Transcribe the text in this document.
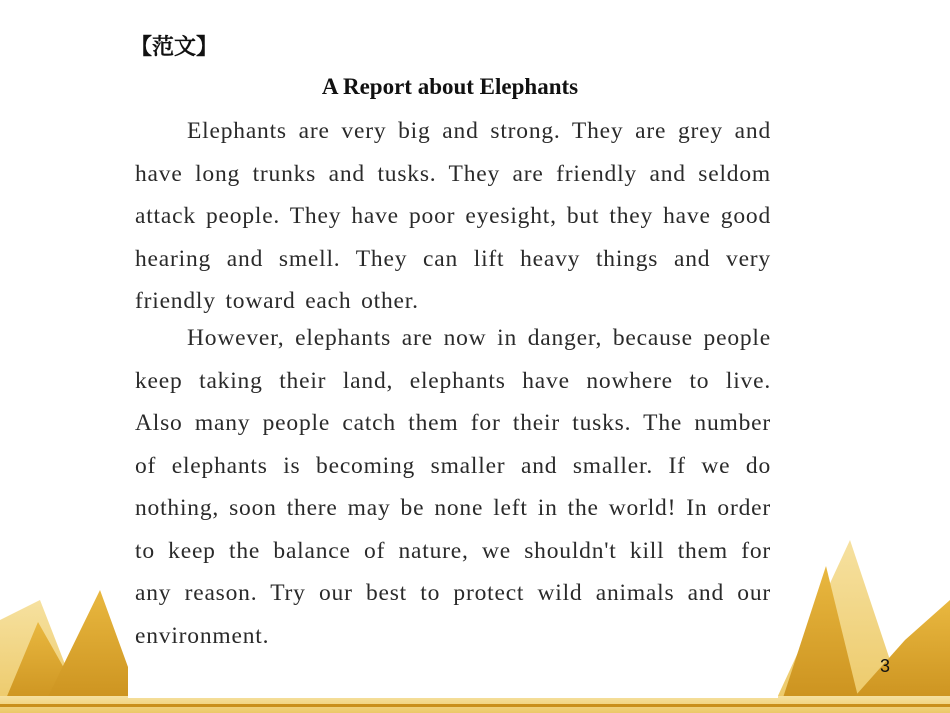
【范文】
A Report about Elephants

Elephants are very big and strong. They are grey and have long trunks and tusks. They are friendly and seldom attack people. They have poor eyesight, but they have good hearing and smell. They can lift heavy things and very friendly toward each other.

However, elephants are now in danger, because people keep taking their land, elephants have nowhere to live. Also many people catch them for their tusks. The number of elephants is becoming smaller and smaller. If we do nothing, soon there may be none left in the world! In order to keep the balance of nature, we shouldn't kill them for any reason. Try our best to protect wild animals and our environment.

3
